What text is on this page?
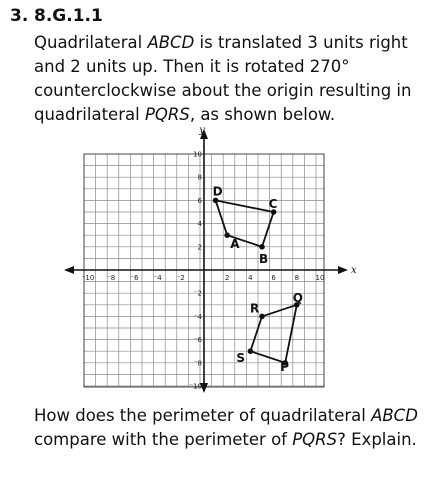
3. 8.G.1.1
Quadrilateral ABCD is translated 3 units right and 2 units up. Then it is rotated 270° counterclockwise about the origin resulting in quadrilateral PQRS, as shown below.
x
y
⁻10 ⁻8 ⁻6 ⁻4 ⁻2	2	4	6	8 10
10
8
6
4
2
⁻2
⁻4
⁻6
⁻8
⁻10
A
B
C
D
P
Q
R
S
How does the perimeter of quadrilateral ABCD compare with the perimeter of PQRS? Explain.
